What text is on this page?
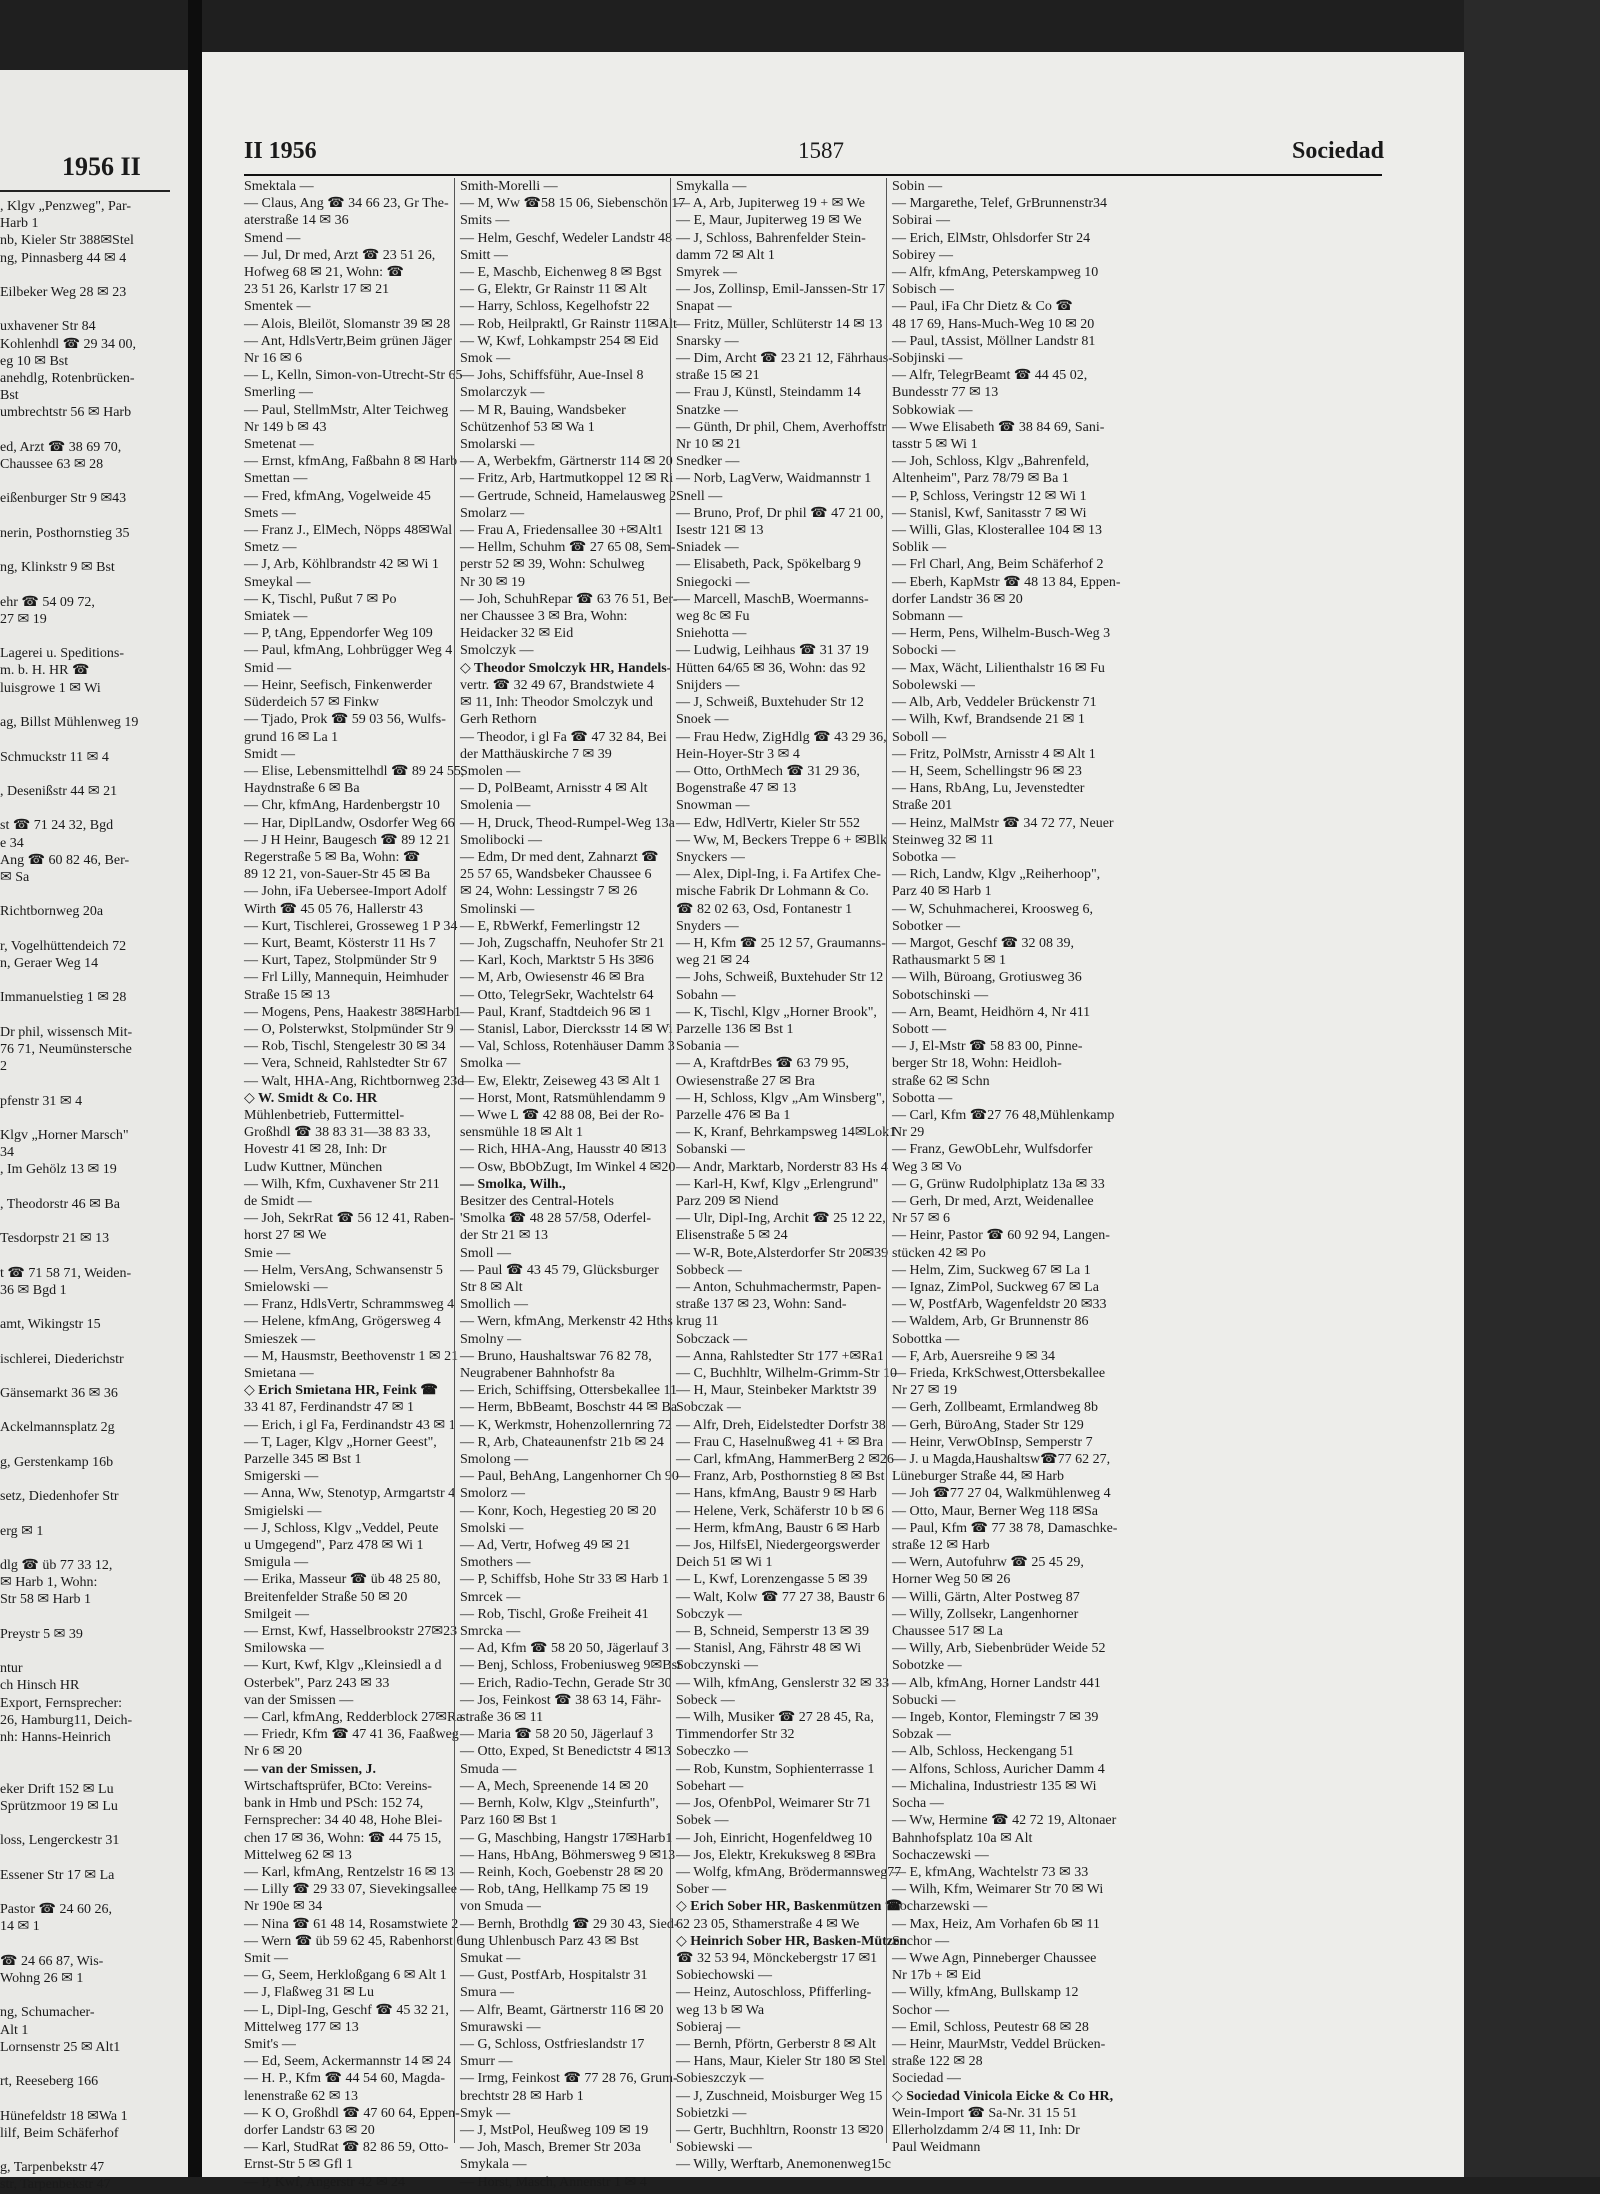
1956 II
, Klgv „Penzweg", Par-
Harb 1
nb, Kieler Str 388✉Stel
ng, Pinnasberg 44 ✉ 4

Eilbeker Weg 28 ✉ 23

uxhavener Str 84
Kohlenhdl ☎ 29 34 00,
eg 10 ✉ Bst
anehdlg, Rotenbrücken-
Bst
umbrechtstr 56 ✉ Harb

ed, Arzt ☎ 38 69 70,
Chaussee 63 ✉ 28

eißenburger Str 9 ✉43

nerin, Posthornstieg 35

ng, Klinkstr 9 ✉ Bst

ehr ☎ 54 09 72,
27 ✉ 19

Lagerei u. Speditions-
m. b. H. HR ☎
luisgrowe 1 ✉ Wi

ag, Billst Mühlenweg 19

Schmuckstr 11 ✉ 4

, Desenißstr 44 ✉ 21

st ☎ 71 24 32, Bgd
e 34
Ang ☎ 60 82 46, Ber-
✉ Sa

Richtbornweg 20a

r, Vogelhüttendeich 72
n, Geraer Weg 14

Immanuelstieg 1 ✉ 28

Dr phil, wissensch Mit-
76 71, Neumünstersche
2

pfenstr 31 ✉ 4

Klgv „Horner Marsch"
34
, Im Gehölz 13 ✉ 19

, Theodorstr 46 ✉ Ba

Tesdorpstr 21 ✉ 13

t ☎ 71 58 71, Weiden-
36 ✉ Bgd 1

amt, Wikingstr 15

ischlerei, Diederichstr

Gänsemarkt 36 ✉ 36

Ackelmannsplatz 2g

g, Gerstenkamp 16b

setz, Diedenhofer Str

erg ✉ 1

dlg ☎ üb 77 33 12,
✉ Harb 1, Wohn:
Str 58 ✉ Harb 1

Preystr 5 ✉ 39

ntur
ch Hinsch HR
Export, Fernsprecher:
26, Hamburg11, Deich-
nh: Hanns-Heinrich

eker Drift 152 ✉ Lu
Sprützmoor 19 ✉ Lu

loss, Lengerckestr 31

Essener Str 17 ✉ La

Pastor ☎ 24 60 26,
14 ✉ 1

☎ 24 66 87, Wis-
Wohng 26 ✉ 1

ng, Schumacher-
Alt 1
Lornsenstr 25 ✉ Alt1

rt, Reeseberg 166

Hünefeldstr 18 ✉Wa 1
lilf, Beim Schäferhof

g, Tarpenbekstr 47
str, Tarpenbekstr 47
II 1956	1587	Sociedad
Smektala —
— Claus, Ang ☎ 34 66 23, Gr The-
aterstraße 14 ✉ 36
Smend —
— Jul, Dr med, Arzt ☎ 23 51 26,
Hofweg 68 ✉ 21, Wohn: ☎
23 51 26, Karlstr 17 ✉ 21
Smentek —
— Alois, Bleilöt, Slomanstr 39 ✉ 28
— Ant, HdlsVertr,Beim grünen Jäger
Nr 16 ✉ 6
— L, Kelln, Simon-von-Utrecht-Str 65
Smerling —
— Paul, StellmMstr, Alter Teichweg
Nr 149 b ✉ 43
Smetenat —
— Ernst, kfmAng, Faßbahn 8 ✉ Harb
Smettan —
— Fred, kfmAng, Vogelweide 45
Smets —
— Franz J., ElMech, Nöpps 48✉Wal
Smetz —
— J, Arb, Köhlbrandstr 42 ✉ Wi 1
Smeykal —
— K, Tischl, Pußut 7 ✉ Po
Smiatek —
— P, tAng, Eppendorfer Weg 109
— Paul, kfmAng, Lohbrügger Weg 4
Smid —
— Heinr, Seefisch, Finkenwerder
Süderdeich 57 ✉ Finkw
— Tjado, Prok ☎ 59 03 56, Wulfs-
grund 16 ✉ La 1
Smidt —
— Elise, Lebensmittelhdl ☎ 89 24 55,
Haydnstraße 6 ✉ Ba
— Chr, kfmAng, Hardenbergstr 10
— Har, DiplLandw, Osdorfer Weg 66
— J H Heinr, Baugesch ☎ 89 12 21
Regerstraße 5 ✉ Ba, Wohn: ☎
89 12 21, von-Sauer-Str 45 ✉ Ba
— John, iFa Uebersee-Import Adolf
Wirth ☎ 45 05 76, Hallerstr 43
— Kurt, Tischlerei, Grosseweg 1 P 34
— Kurt, Beamt, Kösterstr 11 Hs 7
— Kurt, Tapez, Stolpmünder Str 9
— Frl Lilly, Mannequin, Heimhuder
Straße 15 ✉ 13
— Mogens, Pens, Haakestr 38✉Harb1
— O, Polsterwkst, Stolpmünder Str 9
— Rob, Tischl, Stengelestr 30 ✉ 34
— Vera, Schneid, Rahlstedter Str 67
— Walt, HHA-Ang, Richtbornweg 23d
◇ W. Smidt & Co. HR
Mühlenbetrieb, Futtermittel-
Großhdl ☎ 38 83 31—38 83 33,
Hovestr 41 ✉ 28, Inh: Dr
Ludw Kuttner, München
— Wilh, Kfm, Cuxhavener Str 211
de Smidt —
— Joh, SekrRat ☎ 56 12 41, Raben-
horst 27 ✉ We
Smie —
— Helm, VersAng, Schwansenstr 5
Smielowski —
— Franz, HdlsVertr, Schrammsweg 4
— Helene, kfmAng, Grögersweg 4
Smieszek —
— M, Hausmstr, Beethovenstr 1 ✉ 21
Smietana —
◇ Erich Smietana HR, Feink ☎
33 41 87, Ferdinandstr 47 ✉ 1
— Erich, i gl Fa, Ferdinandstr 43 ✉ 1
— T, Lager, Klgv „Horner Geest",
Parzelle 345 ✉ Bst 1
Smigerski —
— Anna, Ww, Stenotyp, Armgartstr 4
Smigielski —
— J, Schloss, Klgv „Veddel, Peute
u Umgegend", Parz 478 ✉ Wi 1
Smigula —
— Erika, Masseur ☎ üb 48 25 80,
Breitenfelder Straße 50 ✉ 20
Smilgeit —
— Ernst, Kwf, Hasselbrookstr 27✉23
Smilowska —
— Kurt, Kwf, Klgv „Kleinsiedl a d
Osterbek", Parz 243 ✉ 33
van der Smissen —
— Carl, kfmAng, Redderblock 27✉Ra
— Friedr, Kfm ☎ 47 41 36, Faaßweg
Nr 6 ✉ 20
— van der Smissen, J.
Wirtschaftsprüfer, BCto: Vereins-
bank in Hmb und PSch: 152 74,
Fernsprecher: 34 40 48, Hohe Blei-
chen 17 ✉ 36, Wohn: ☎ 44 75 15,
Mittelweg 62 ✉ 13
— Karl, kfmAng, Rentzelstr 16 ✉ 13
— Lilly ☎ 29 33 07, Sievekingsallee
Nr 190e ✉ 34
— Nina ☎ 61 48 14, Rosamstwiete 2
— Wern ☎ üb 59 62 45, Rabenhorst 6
Smit —
— G, Seem, Herkloßgang 6 ✉ Alt 1
— J, Flaßweg 31 ✉ Lu
— L, Dipl-Ing, Geschf ☎ 45 32 21,
Mittelweg 177 ✉ 13
Smit's —
— Ed, Seem, Ackermannstr 14 ✉ 24
— H. P., Kfm ☎ 44 54 60, Magda-
lenenstraße 62 ✉ 13
— K O, Großhdl ☎ 47 60 64, Eppen-
dorfer Landstr 63 ✉ 20
— Karl, StudRat ☎ 82 86 59, Otto-
Ernst-Str 5 ✉ Gfl 1
— P, Kwf, Angerstr 42 ✉ 24
Smith-Morelli —
— M, Ww ☎58 15 06, Siebenschön 17
Smits —
— Helm, Geschf, Wedeler Landstr 48
Smitt —
— E, Maschb, Eichenweg 8 ✉ Bgst
— G, Elektr, Gr Rainstr 11 ✉ Alt
— Harry, Schloss, Kegelhofstr 22
— Rob, Heilpraktl, Gr Rainstr 11✉Alt
— W, Kwf, Lohkampstr 254 ✉ Eid
Smok —
— Johs, Schiffsführ, Aue-Insel 8
Smolarczyk —
— M R, Bauing, Wandsbeker
Schützenhof 53 ✉ Wa 1
Smolarski —
— A, Werbekfm, Gärtnerstr 114 ✉ 20
— Fritz, Arb, Hartmutkoppel 12 ✉ Ri
— Gertrude, Schneid, Hamelausweg 2
Smolarz —
— Frau A, Friedensallee 30 +✉Alt1
— Hellm, Schuhm ☎ 27 65 08, Sem-
perstr 52 ✉ 39, Wohn: Schulweg
Nr 30 ✉ 19
— Joh, SchuhRepar ☎ 63 76 51, Ber-
ner Chaussee 3 ✉ Bra, Wohn:
Heidacker 32 ✉ Eid
Smolczyk —
◇ Theodor Smolczyk HR, Handels-
vertr. ☎ 32 49 67, Brandstwiete 4
✉ 11, Inh: Theodor Smolczyk und
Gerh Rethorn
— Theodor, i gl Fa ☎ 47 32 84, Bei
der Matthäuskirche 7 ✉ 39
Smolen —
— D, PolBeamt, Arnisstr 4 ✉ Alt
Smolenia —
— H, Druck, Theod-Rumpel-Weg 13a
Smolibocki —
— Edm, Dr med dent, Zahnarzt ☎
25 57 65, Wandsbeker Chaussee 6
✉ 24, Wohn: Lessingstr 7 ✉ 26
Smolinski —
— E, RbWerkf, Femerlingstr 12
— Joh, Zugschaffn, Neuhofer Str 21
— Karl, Koch, Marktstr 5 Hs 3✉6
— M, Arb, Owiesenstr 46 ✉ Bra
— Otto, TelegrSekr, Wachtelstr 64
— Paul, Kranf, Stadtdeich 96 ✉ 1
— Stanisl, Labor, Diercksstr 14 ✉ Wi
— Val, Schloss, Rotenhäuser Damm 3
Smolka —
— Ew, Elektr, Zeiseweg 43 ✉ Alt 1
— Horst, Mont, Ratsmühlendamm 9
— Wwe L ☎ 42 88 08, Bei der Ro-
sensmühle 18 ✉ Alt 1
— Rich, HHA-Ang, Hausstr 40 ✉13
— Osw, BbObZugt, Im Winkel 4 ✉20
— Smolka, Wilh.,
Besitzer des Central-Hotels
'Smolka ☎ 48 28 57/58, Oderfel-
der Str 21 ✉ 13
Smoll —
— Paul ☎ 43 45 79, Glücksburger
Str 8 ✉ Alt
Smollich —
— Wern, kfmAng, Merkenstr 42 Hths
Smolny —
— Bruno, Haushaltswar 76 82 78,
Neugrabener Bahnhofstr 8a
— Erich, Schiffsing, Ottersbekallee 11
— Herm, BbBeamt, Boschstr 44 ✉ Ba
— K, Werkmstr, Hohenzollernring 72
— R, Arb, Chateaunenfstr 21b ✉ 24
Smolong —
— Paul, BehAng, Langenhorner Ch 90
Smolorz —
— Konr, Koch, Hegestieg 20 ✉ 20
Smolski —
— Ad, Vertr, Hofweg 49 ✉ 21
Smothers —
— P, Schiffsb, Hohe Str 33 ✉ Harb 1
Smrcek —
— Rob, Tischl, Große Freiheit 41
Smrcka —
— Ad, Kfm ☎ 58 20 50, Jägerlauf 3
— Benj, Schloss, Frobeniusweg 9✉Bst
— Erich, Radio-Techn, Gerade Str 30
— Jos, Feinkost ☎ 38 63 14, Fähr-
straße 36 ✉ 11
— Maria ☎ 58 20 50, Jägerlauf 3
— Otto, Exped, St Benedictstr 4 ✉13
Smuda —
— A, Mech, Spreenende 14 ✉ 20
— Bernh, Kolw, Klgv „Steinfurth",
Parz 160 ✉ Bst 1
— G, Maschbing, Hangstr 17✉Harb1
— Hans, HbAng, Böhmersweg 9 ✉13
— Reinh, Koch, Goebenstr 28 ✉ 20
— Rob, tAng, Hellkamp 75 ✉ 19
von Smuda —
— Bernh, Brothdlg ☎ 29 30 43, Sied-
lung Uhlenbusch Parz 43 ✉ Bst
Smukat —
— Gust, PostfArb, Hospitalstr 31
Smura —
— Alfr, Beamt, Gärtnerstr 116 ✉ 20
Smurawski —
— G, Schloss, Ostfrieslandstr 17
Smurr —
— Irmg, Feinkost ☎ 77 28 76, Grum-
brechtstr 28 ✉ Harb 1
Smyk —
— J, MstPol, Heußweg 109 ✉ 19
— Joh, Masch, Bremer Str 203a
Smykala —
— Horst, Masch, Annenstr 1 ✉ 4
Smykalla —
— A, Arb, Jupiterweg 19 + ✉ We
— E, Maur, Jupiterweg 19 ✉ We
— J, Schloss, Bahrenfelder Stein-
damm 72 ✉ Alt 1
Smyrek —
— Jos, Zollinsp, Emil-Janssen-Str 17
Snapat —
— Fritz, Müller, Schlüterstr 14 ✉ 13
Snarsky —
— Dim, Archt ☎ 23 21 12, Fährhaus-
straße 15 ✉ 21
— Frau J, Künstl, Steindamm 14
Snatzke —
— Günth, Dr phil, Chem, Averhoffstr
Nr 10 ✉ 21
Snedker —
— Norb, LagVerw, Waidmannstr 1
Snell —
— Bruno, Prof, Dr phil ☎ 47 21 00,
Isestr 121 ✉ 13
Sniadek —
— Elisabeth, Pack, Spökelbarg 9
Sniegocki —
— Marcell, MaschB, Woermanns-
weg 8c ✉ Fu
Sniehotta —
— Ludwig, Leihhaus ☎ 31 37 19
Hütten 64/65 ✉ 36, Wohn: das 92
Snijders —
— J, Schweiß, Buxtehuder Str 12
Snoek —
— Frau Hedw, ZigHdlg ☎ 43 29 36,
Hein-Hoyer-Str 3 ✉ 4
— Otto, OrthMech ☎ 31 29 36,
Bogenstraße 47 ✉ 13
Snowman —
— Edw, HdlVertr, Kieler Str 552
— Ww, M, Beckers Treppe 6 + ✉Blk
Snyckers —
— Alex, Dipl-Ing, i. Fa Artifex Che-
mische Fabrik Dr Lohmann & Co.
☎ 82 02 63, Osd, Fontanestr 1
Snyders —
— H, Kfm ☎ 25 12 57, Graumanns-
weg 21 ✉ 24
— Johs, Schweiß, Buxtehuder Str 12
Sobahn —
— K, Tischl, Klgv „Horner Brook",
Parzelle 136 ✉ Bst 1
Sobania —
— A, KraftdrBes ☎ 63 79 95,
Owiesenstraße 27 ✉ Bra
— H, Schloss, Klgv „Am Winsberg",
Parzelle 476 ✉ Ba 1
— K, Kranf, Behrkampsweg 14✉Lok1
Sobanski —
— Andr, Marktarb, Norderstr 83 Hs 4
— Karl-H, Kwf, Klgv „Erlengrund"
Parz 209 ✉ Niend
— Ulr, Dipl-Ing, Archit ☎ 25 12 22,
Elisenstraße 5 ✉ 24
— W-R, Bote,Alsterdorfer Str 20✉39
Sobbeck —
— Anton, Schuhmachermstr, Papen-
straße 137 ✉ 23, Wohn: Sand-
krug 11
Sobczack —
— Anna, Rahlstedter Str 177 +✉Ra1
— C, Buchhltr, Wilhelm-Grimm-Str 10
— H, Maur, Steinbeker Marktstr 39
Sobczak —
— Alfr, Dreh, Eidelstedter Dorfstr 38
— Frau C, Haselnußweg 41 + ✉ Bra
— Carl, kfmAng, HammerBerg 2 ✉26
— Franz, Arb, Posthornstieg 8 ✉ Bst
— Hans, kfmAng, Baustr 9 ✉ Harb
— Helene, Verk, Schäferstr 10 b ✉ 6
— Herm, kfmAng, Baustr 6 ✉ Harb
— Jos, HilfsEl, Niedergeorgswerder
Deich 51 ✉ Wi 1
— L, Kwf, Lorenzengasse 5 ✉ 39
— Walt, Kolw ☎ 77 27 38, Baustr 6
Sobczyk —
— B, Schneid, Semperstr 13 ✉ 39
— Stanisl, Ang, Fährstr 48 ✉ Wi
Sobczynski —
— Wilh, kfmAng, Genslerstr 32 ✉ 33
Sobeck —
— Wilh, Musiker ☎ 27 28 45, Ra,
Timmendorfer Str 32
Sobeczko —
— Rob, Kunstm, Sophienterrasse 1
Sobehart —
— Jos, OfenbPol, Weimarer Str 71
Sobek —
— Joh, Einricht, Hogenfeldweg 10
— Jos, Elektr, Krekuksweg 8 ✉Bra
— Wolfg, kfmAng, Brödermannsweg77
Sober —
◇ Erich Sober HR, Baskenmützen ☎
62 23 05, Sthamerstraße 4 ✉ We
◇ Heinrich Sober HR, Basken-Mützen
☎ 32 53 94, Mönckebergstr 17 ✉1
Sobiechowski —
— Heinz, Autoschloss, Pfifferling-
weg 13 b ✉ Wa
Sobieraj —
— Bernh, Pförtn, Gerberstr 8 ✉ Alt
— Hans, Maur, Kieler Str 180 ✉ Stel
Sobieszczyk —
— J, Zuschneid, Moisburger Weg 15
Sobietzki —
— Gertr, Buchhltrn, Roonstr 13 ✉20
Sobiewski —
— Willy, Werftarb, Anemonenweg15c
Sobin —
— Margarethe, Telef, GrBrunnenstr34
Sobirai —
— Erich, ElMstr, Ohlsdorfer Str 24
Sobirey —
— Alfr, kfmAng, Peterskampweg 10
Sobisch —
— Paul, iFa Chr Dietz & Co ☎
48 17 69, Hans-Much-Weg 10 ✉ 20
— Paul, tAssist, Möllner Landstr 81
Sobjinski —
— Alfr, TelegrBeamt ☎ 44 45 02,
Bundesstr 77 ✉ 13
Sobkowiak —
— Wwe Elisabeth ☎ 38 84 69, Sani-
tasstr 5 ✉ Wi 1
— Joh, Schloss, Klgv „Bahrenfeld,
Altenheim", Parz 78/79 ✉ Ba 1
— P, Schloss, Veringstr 12 ✉ Wi 1
— Stanisl, Kwf, Sanitasstr 7 ✉ Wi
— Willi, Glas, Klosterallee 104 ✉ 13
Soblik —
— Frl Charl, Ang, Beim Schäferhof 2
— Eberh, KapMstr ☎ 48 13 84, Eppen-
dorfer Landstr 36 ✉ 20
Sobmann —
— Herm, Pens, Wilhelm-Busch-Weg 3
Sobocki —
— Max, Wächt, Lilienthalstr 16 ✉ Fu
Sobolewski —
— Alb, Arb, Veddeler Brückenstr 71
— Wilh, Kwf, Brandsende 21 ✉ 1
Soboll —
— Fritz, PolMstr, Arnisstr 4 ✉ Alt 1
— H, Seem, Schellingstr 96 ✉ 23
— Hans, RbAng, Lu, Jevenstedter
Straße 201
— Heinz, MalMstr ☎ 34 72 77, Neuer
Steinweg 32 ✉ 11
Sobotka —
— Rich, Landw, Klgv „Reiherhoop",
Parz 40 ✉ Harb 1
— W, Schuhmacherei, Kroosweg 6,
Sobotker —
— Margot, Geschf ☎ 32 08 39,
Rathausmarkt 5 ✉ 1
— Wilh, Büroang, Grotiusweg 36
Sobotschinski —
— Arn, Beamt, Heidhörn 4, Nr 411
Sobott —
— J, El-Mstr ☎ 58 83 00, Pinne-
berger Str 18, Wohn: Heidloh-
straße 62 ✉ Schn
Sobotta —
— Carl, Kfm ☎27 76 48,Mühlenkamp
Nr 29
— Franz, GewObLehr, Wulfsdorfer
Weg 3 ✉ Vo
— G, Grünw Rudolphiplatz 13a ✉ 33
— Gerh, Dr med, Arzt, Weidenallee
Nr 57 ✉ 6
— Heinr, Pastor ☎ 60 92 94, Langen-
stücken 42 ✉ Po
— Helm, Zim, Suckweg 67 ✉ La 1
— Ignaz, ZimPol, Suckweg 67 ✉ La
— W, PostfArb, Wagenfeldstr 20 ✉33
— Waldem, Arb, Gr Brunnenstr 86
Sobottka —
— F, Arb, Auersreihe 9 ✉ 34
— Frieda, KrkSchwest,Ottersbekallee
Nr 27 ✉ 19
— Gerh, Zollbeamt, Ermlandweg 8b
— Gerh, BüroAng, Stader Str 129
— Heinr, VerwObInsp, Semperstr 7
— J. u Magda,Haushaltsw☎77 62 27,
Lüneburger Straße 44, ✉ Harb
— Joh ☎77 27 04, Walkmühlenweg 4
— Otto, Maur, Berner Weg 118 ✉Sa
— Paul, Kfm ☎ 77 38 78, Damaschke-
straße 12 ✉ Harb
— Wern, Autofuhrw ☎ 25 45 29,
Horner Weg 50 ✉ 26
— Willi, Gärtn, Alter Postweg 87
— Willy, Zollsekr, Langenhorner
Chaussee 517 ✉ La
— Willy, Arb, Siebenbrüder Weide 52
Sobotzke —
— Alb, kfmAng, Horner Landstr 441
Sobucki —
— Ingeb, Kontor, Flemingstr 7 ✉ 39
Sobzak —
— Alb, Schloss, Heckengang 51
— Alfons, Schloss, Auricher Damm 4
— Michalina, Industriestr 135 ✉ Wi
Socha —
— Ww, Hermine ☎ 42 72 19, Altonaer
Bahnhofsplatz 10a ✉ Alt
Sochaczewski —
— E, kfmAng, Wachtelstr 73 ✉ 33
— Wilh, Kfm, Weimarer Str 70 ✉ Wi
Socharzewski —
— Max, Heiz, Am Vorhafen 6b ✉ 11
Sochor —
— Wwe Agn, Pinneberger Chaussee
Nr 17b + ✉ Eid
— Willy, kfmAng, Bullskamp 12
Sochor —
— Emil, Schloss, Peutestr 68 ✉ 28
— Heinr, MaurMstr, Veddel Brücken-
straße 122 ✉ 28
Sociedad —
◇ Sociedad Vinicola Eicke & Co HR,
Wein-Import ☎ Sa-Nr. 31 15 51
Ellerholzdamm 2/4 ✉ 11, Inh: Dr
Paul Weidmann
